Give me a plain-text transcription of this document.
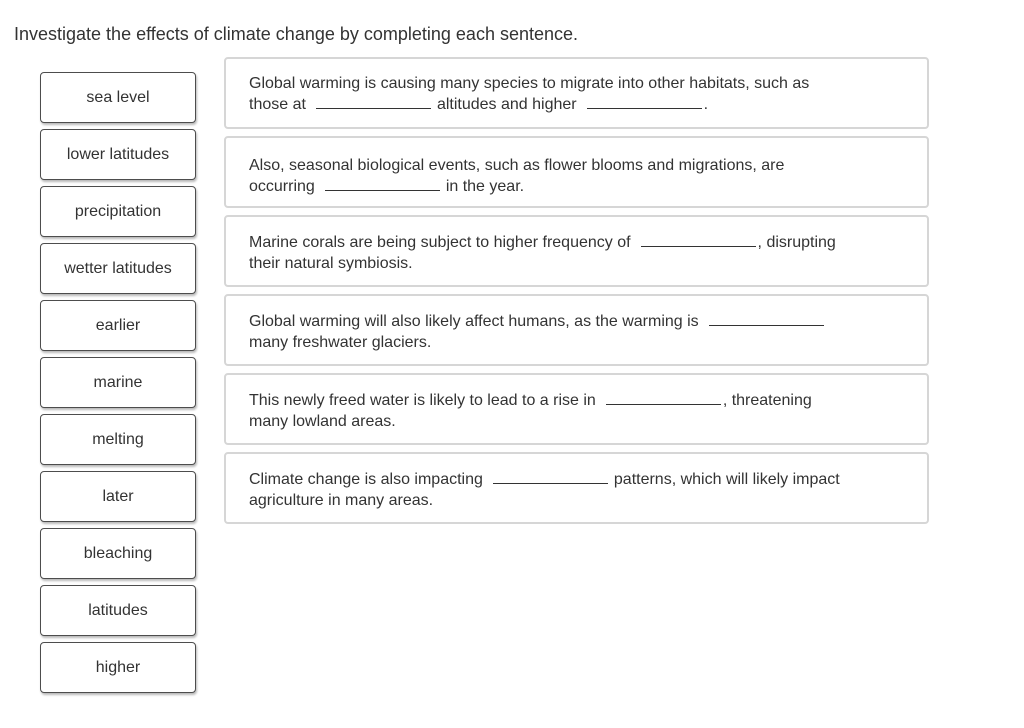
Investigate the effects of climate change by completing each sentence.
sea level
lower latitudes
precipitation
wetter latitudes
earlier
marine
melting
later
bleaching
latitudes
higher
Global warming is causing many species to migrate into other habitats, such as
those at	altitudes and higher	.
Also, seasonal biological events, such as flower blooms and migrations, are
occurring	in the year.
Marine corals are being subject to higher frequency of	, disrupting
their natural symbiosis.
Global warming will also likely affect humans, as the warming is
many freshwater glaciers.
This newly freed water is likely to lead to a rise in	, threatening
many lowland areas.
Climate change is also impacting	patterns, which will likely impact
agriculture in many areas.
